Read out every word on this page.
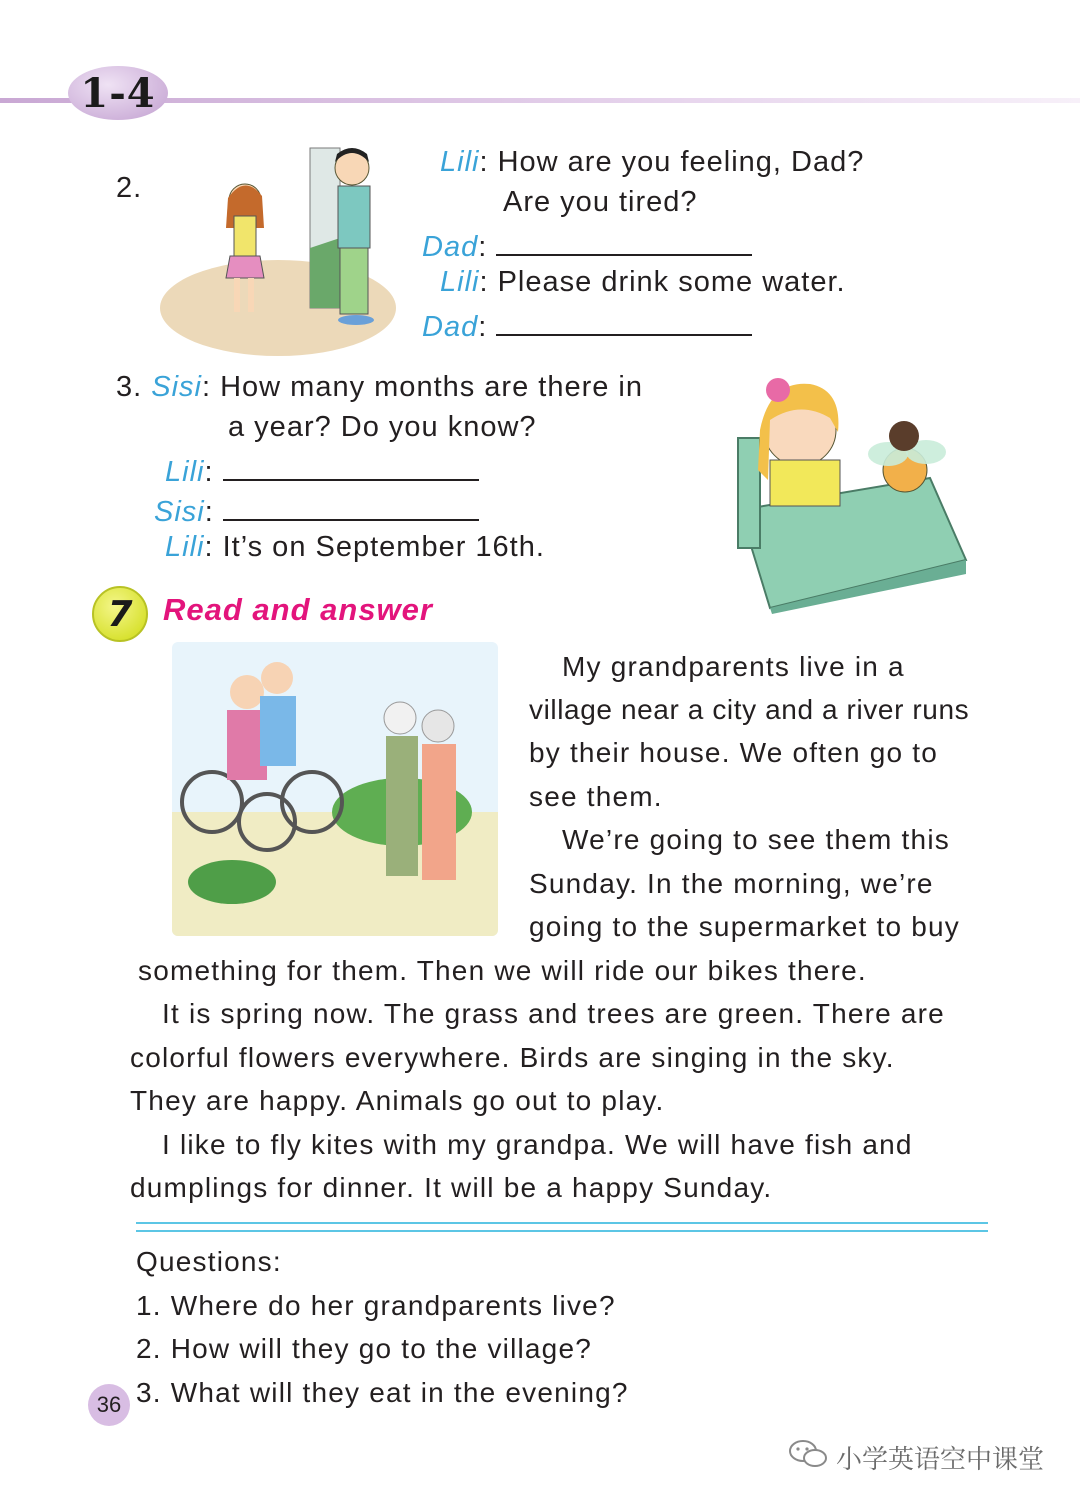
1-4
2.
Lili: How are you feeling, Dad?
Are you tired?
Dad:
Lili: Please drink some water.
Dad:
3. Sisi: How many months are there in
a year? Do you know?
Lili:
Sisi:
Lili: It’s on September 16th.
7 Read and answer
My grandparents live in a
village near a city and a river runs
by their house. We often go to
see them.
We’re going to see them this
Sunday. In the morning, we’re
going to the supermarket to buy
something for them. Then we will ride our bikes there.
It is spring now. The grass and trees are green. There are
colorful flowers everywhere. Birds are singing in the sky.
They are happy. Animals go out to play.
I like to fly kites with my grandpa. We will have fish and
dumplings for dinner. It will be a happy Sunday.
Questions:
1. Where do her grandparents live?
2. How will they go to the village?
3. What will they eat in the evening?
36
小学英语空中课堂
